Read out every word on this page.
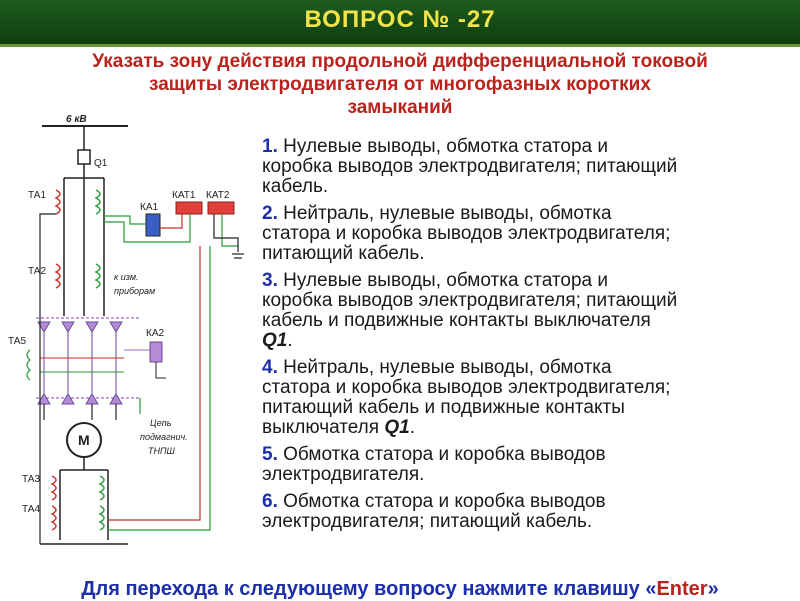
ВОПРОС № -27
Указать зону действия продольной дифференциальной токовой
защиты электродвигателя от многофазных коротких
замыканий
6 кВ
Q1
ТА1
КА1
КАТ1 КАТ2
ТА2	к изм.
приборам
ТА5
КА2
Цепь
подмагнич.
ТНПШ
М
ТА3
ТА4
1. Нулевые выводы, обмотка статора и
коробка выводов электродвигателя; питающий
кабель.
2. Нейтраль, нулевые выводы, обмотка
статора и коробка выводов электродвигателя;
питающий кабель.
3. Нулевые выводы, обмотка статора и
коробка выводов электродвигателя; питающий
кабель и подвижные контакты выключателя
Q1.
4. Нейтраль, нулевые выводы, обмотка
статора и коробка выводов электродвигателя;
питающий кабель и подвижные контакты
выключателя Q1.
5. Обмотка статора и коробка выводов
электродвигателя.
6. Обмотка статора и коробка выводов
электродвигателя; питающий кабель.
Для перехода к следующему вопросу нажмите клавишу «Enter»
